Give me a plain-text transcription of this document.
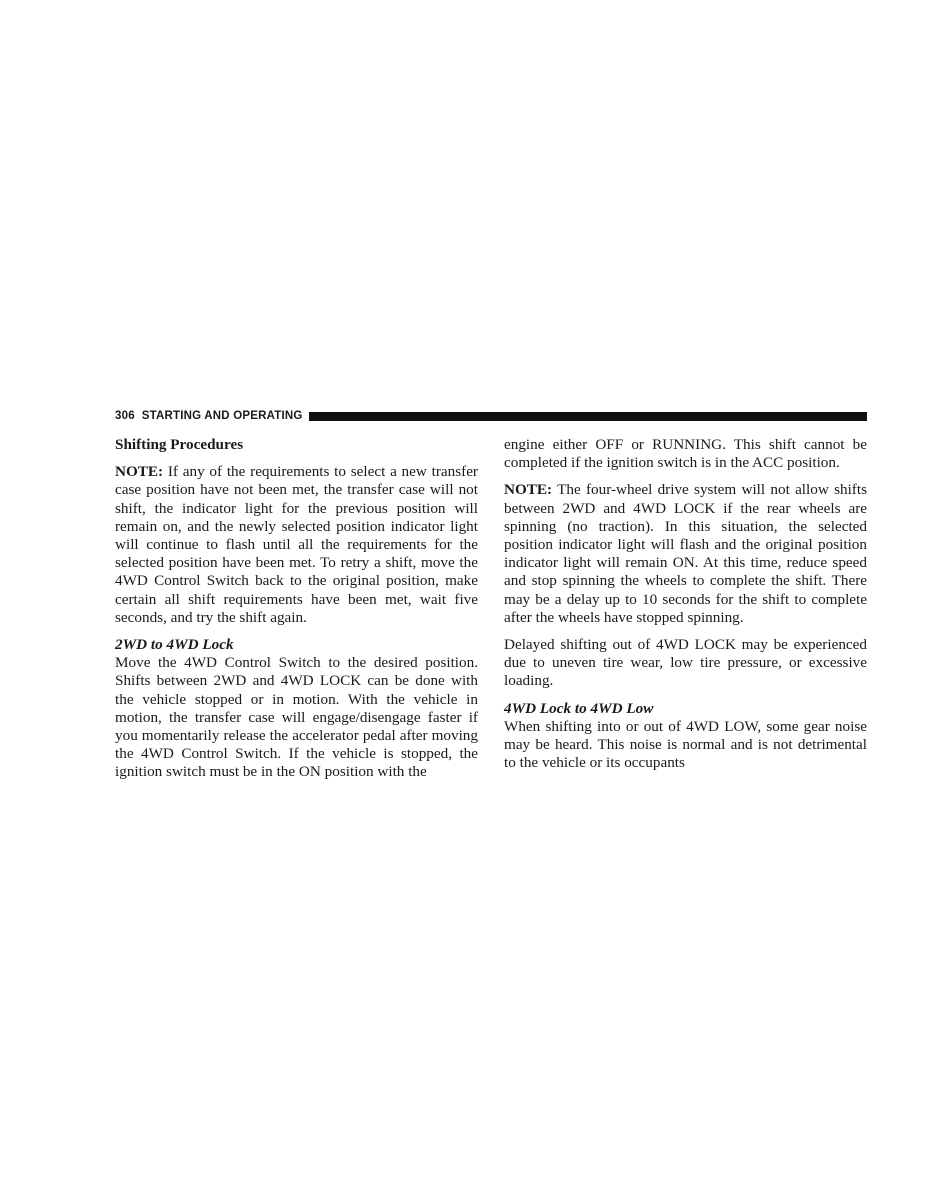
306 STARTING AND OPERATING
Shifting Procedures

NOTE: If any of the requirements to select a new transfer case position have not been met, the transfer case will not shift, the indicator light for the previous position will remain on, and the newly selected position indicator light will continue to flash until all the requirements for the selected position have been met. To retry a shift, move the 4WD Control Switch back to the original position, make certain all shift requirements have been met, wait five seconds, and try the shift again.

2WD to 4WD Lock

Move the 4WD Control Switch to the desired position. Shifts between 2WD and 4WD LOCK can be done with the vehicle stopped or in motion. With the vehicle in motion, the transfer case will engage/disengage faster if you momentarily release the accelerator pedal after moving the 4WD Control Switch. If the vehicle is stopped, the ignition switch must be in the ON position with the

engine either OFF or RUNNING. This shift cannot be completed if the ignition switch is in the ACC position.

NOTE: The four-wheel drive system will not allow shifts between 2WD and 4WD LOCK if the rear wheels are spinning (no traction). In this situation, the selected position indicator light will flash and the original position indicator light will remain ON. At this time, reduce speed and stop spinning the wheels to complete the shift. There may be a delay up to 10 seconds for the shift to complete after the wheels have stopped spinning.

Delayed shifting out of 4WD LOCK may be experienced due to uneven tire wear, low tire pressure, or excessive loading.

4WD Lock to 4WD Low

When shifting into or out of 4WD LOW, some gear noise may be heard. This noise is normal and is not detrimental to the vehicle or its occupants
